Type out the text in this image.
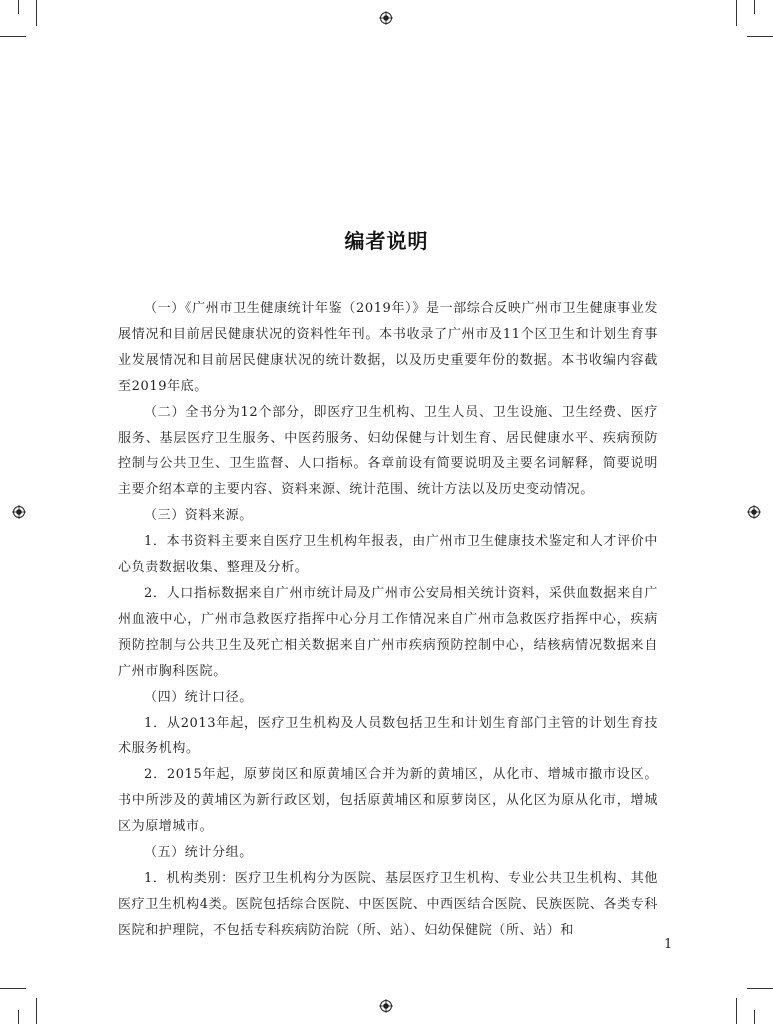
编者说明

（一）《广州市卫生健康统计年鉴（2019年）》是一部综合反映广州市卫生健康事业发展情况和目前居民健康状况的资料性年刊。本书收录了广州市及11个区卫生和计划生育事业发展情况和目前居民健康状况的统计数据，以及历史重要年份的数据。本书收编内容截至2019年底。

（二）全书分为12个部分，即医疗卫生机构、卫生人员、卫生设施、卫生经费、医疗服务、基层医疗卫生服务、中医药服务、妇幼保健与计划生育、居民健康水平、疾病预防控制与公共卫生、卫生监督、人口指标。各章前设有简要说明及主要名词解释，简要说明主要介绍本章的主要内容、资料来源、统计范围、统计方法以及历史变动情况。

（三）资料来源。

1．本书资料主要来自医疗卫生机构年报表，由广州市卫生健康技术鉴定和人才评价中心负责数据收集、整理及分析。

2．人口指标数据来自广州市统计局及广州市公安局相关统计资料，采供血数据来自广州血液中心，广州市急救医疗指挥中心分月工作情况来自广州市急救医疗指挥中心，疾病预防控制与公共卫生及死亡相关数据来自广州市疾病预防控制中心，结核病情况数据来自广州市胸科医院。

（四）统计口径。

1．从2013年起，医疗卫生机构及人员数包括卫生和计划生育部门主管的计划生育技术服务机构。

2．2015年起，原萝岗区和原黄埔区合并为新的黄埔区，从化市、增城市撤市设区。书中所涉及的黄埔区为新行政区划，包括原黄埔区和原萝岗区，从化区为原从化市，增城区为原增城市。

（五）统计分组。

1．机构类别：医疗卫生机构分为医院、基层医疗卫生机构、专业公共卫生机构、其他医疗卫生机构4类。医院包括综合医院、中医医院、中西医结合医院、民族医院、各类专科医院和护理院，不包括专科疾病防治院（所、站）、妇幼保健院（所、站）和

1
